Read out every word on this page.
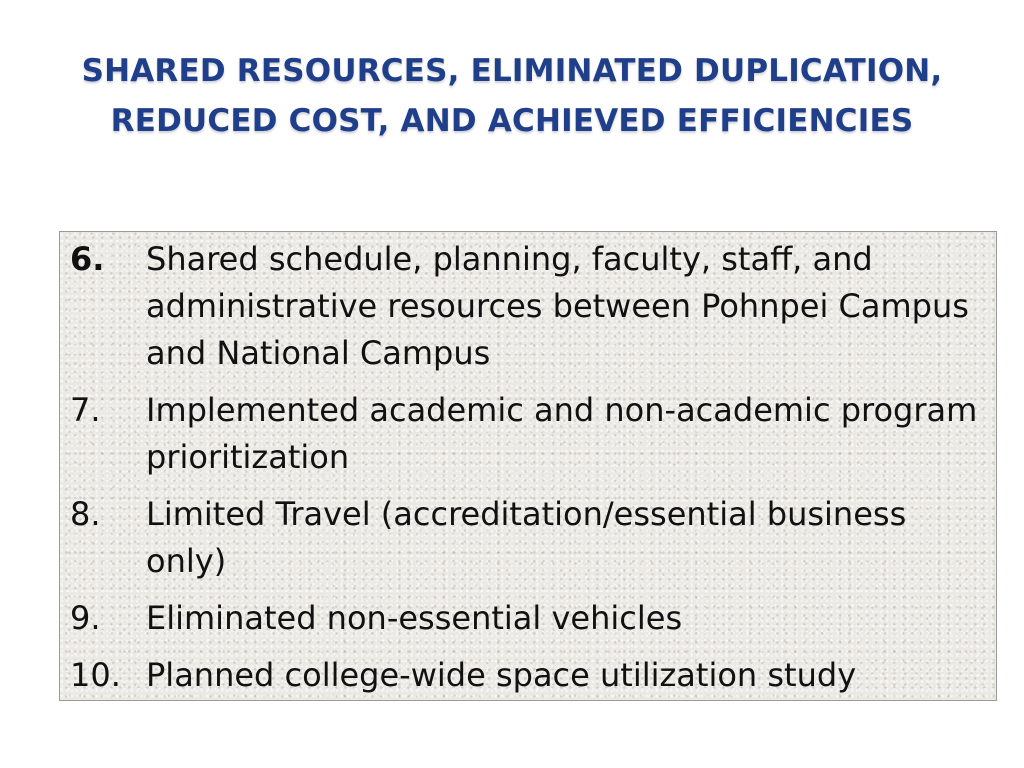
SHARED RESOURCES, ELIMINATED DUPLICATION,
REDUCED COST, AND ACHIEVED EFFICIENCIES
6. Shared schedule, planning, faculty, staff, and administrative resources between Pohnpei Campus and National Campus
7. Implemented academic and non-academic program prioritization
8. Limited Travel (accreditation/essential business only)
9. Eliminated non-essential vehicles
10. Planned college-wide space utilization study
